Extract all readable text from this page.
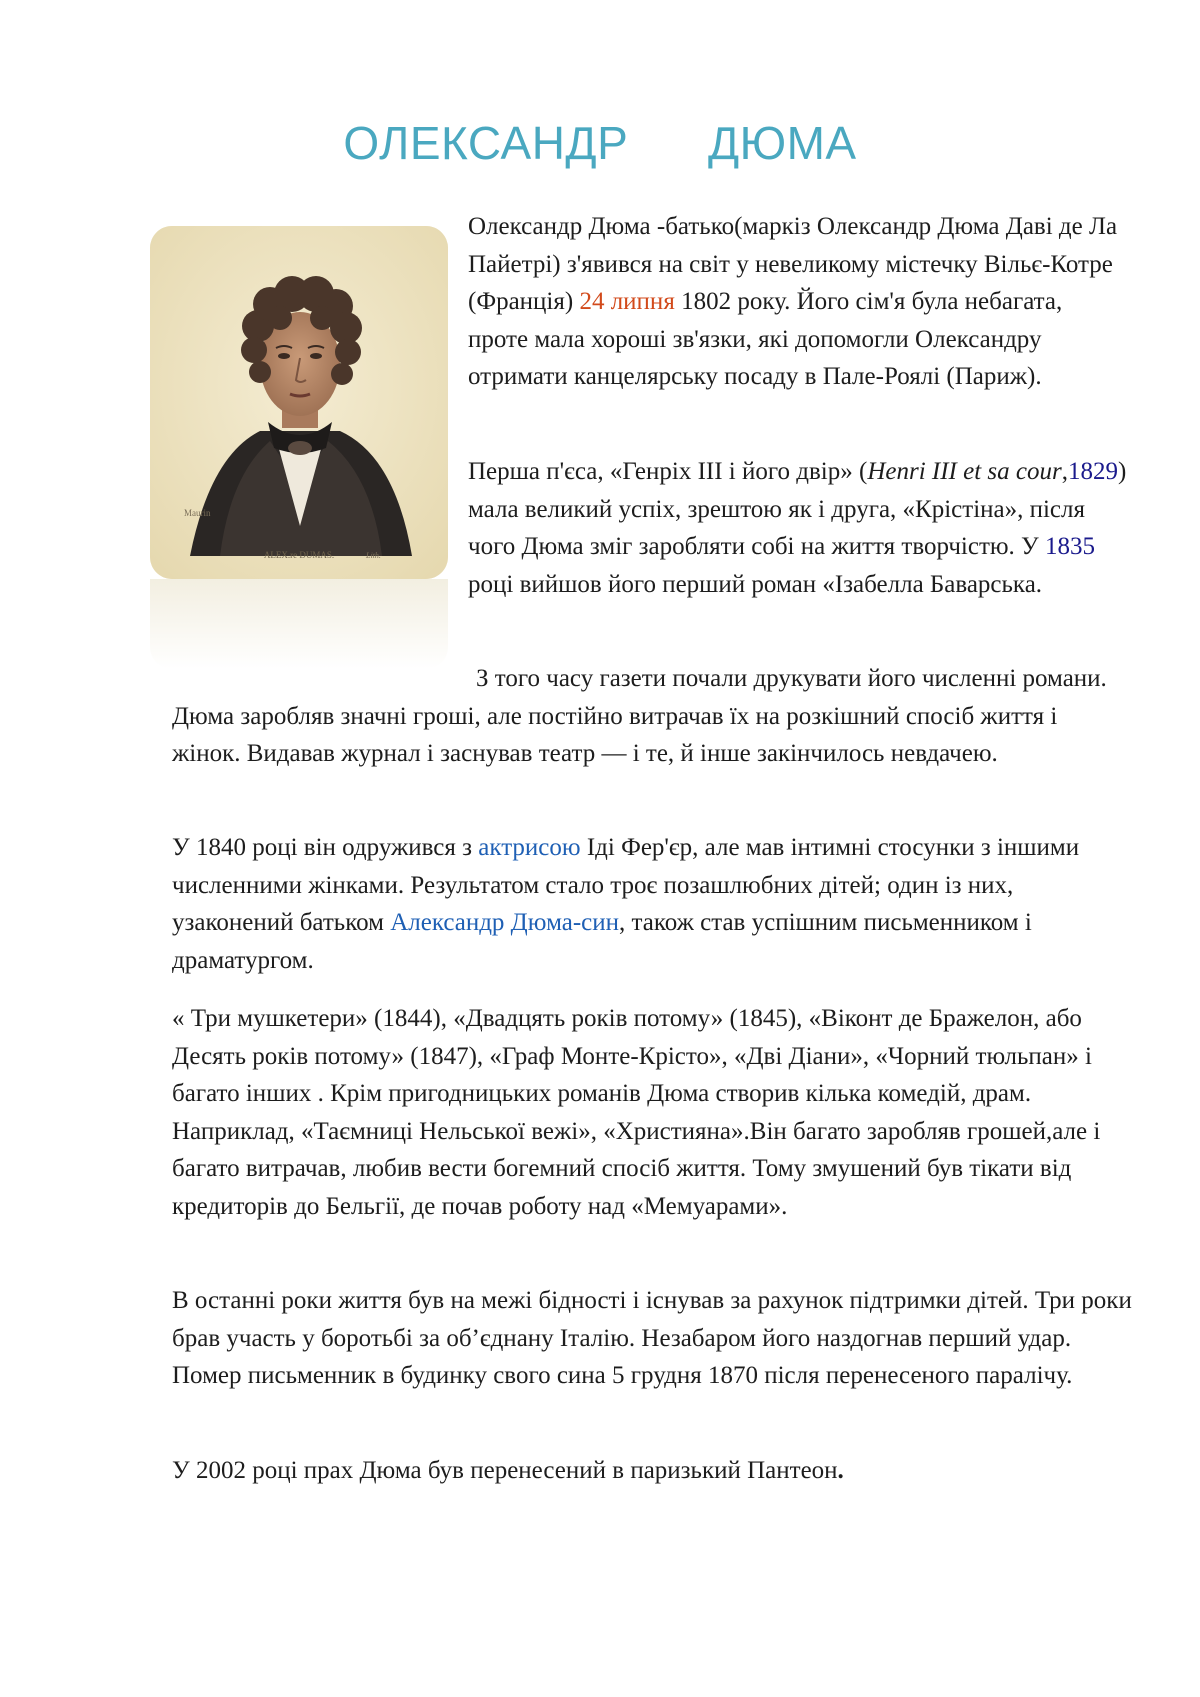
ОЛЕКСАНДР      ДЮМА
Maurin
ALEX.re DUMAS.	Lith.

Олександр Дюма -батько(маркіз Олександр Дюма Даві де Ла Пайетрі) з'явився на світ у невеликому містечку Вільє-Котре (Франція) 24 липня 1802 року. Його сім'я була небагата, проте мала хороші зв'язки, які допомогли Олександру отримати канцелярську посаду в Пале-Роялі (Париж).

Перша п'єса, «Генріх III і його двір» (Henri III et sa cour,1829) мала великий успіх, зрештою як і друга, «Крістіна», після чого Дюма зміг заробляти собі на життя творчістю. У 1835 році вийшов його перший роман «Ізабелла Баварська.

З того часу газети почали друкувати його численні романи. Дюма заробляв значні гроші, але постійно витрачав їх на розкішний спосіб життя і жінок. Видавав журнал і заснував театр — і те, й інше закінчилось невдачею.

У 1840 році він одружився з актрисою Іді Фер'єр, але мав інтимні стосунки з іншими численними жінками. Результатом стало троє позашлюбних дітей; один із них, узаконений батьком Александр Дюма-син, також став успішним письменником і драматургом.

« Три мушкетери» (1844), «Двадцять років потому» (1845), «Віконт де Бражелон, або Десять років потому» (1847), «Граф Монте-Крісто», «Дві Діани», «Чорний тюльпан» і багато інших . Крім пригодницьких романів Дюма створив кілька комедій, драм. Наприклад, «Таємниці Нельської вежі», «Християна».Він багато заробляв грошей,але і багато витрачав, любив вести богемний спосіб життя. Тому змушений був тікати від кредиторів до Бельгії, де почав роботу над «Мемуарами».

В останні роки життя був на межі бідності і існував за рахунок підтримки дітей. Три роки брав участь у боротьбі за об’єднану Італію. Незабаром його наздогнав перший удар. Помер письменник в будинку свого сина 5 грудня 1870 після перенесеного паралічу.

У 2002 році прах Дюма був перенесений в паризький Пантеон.
